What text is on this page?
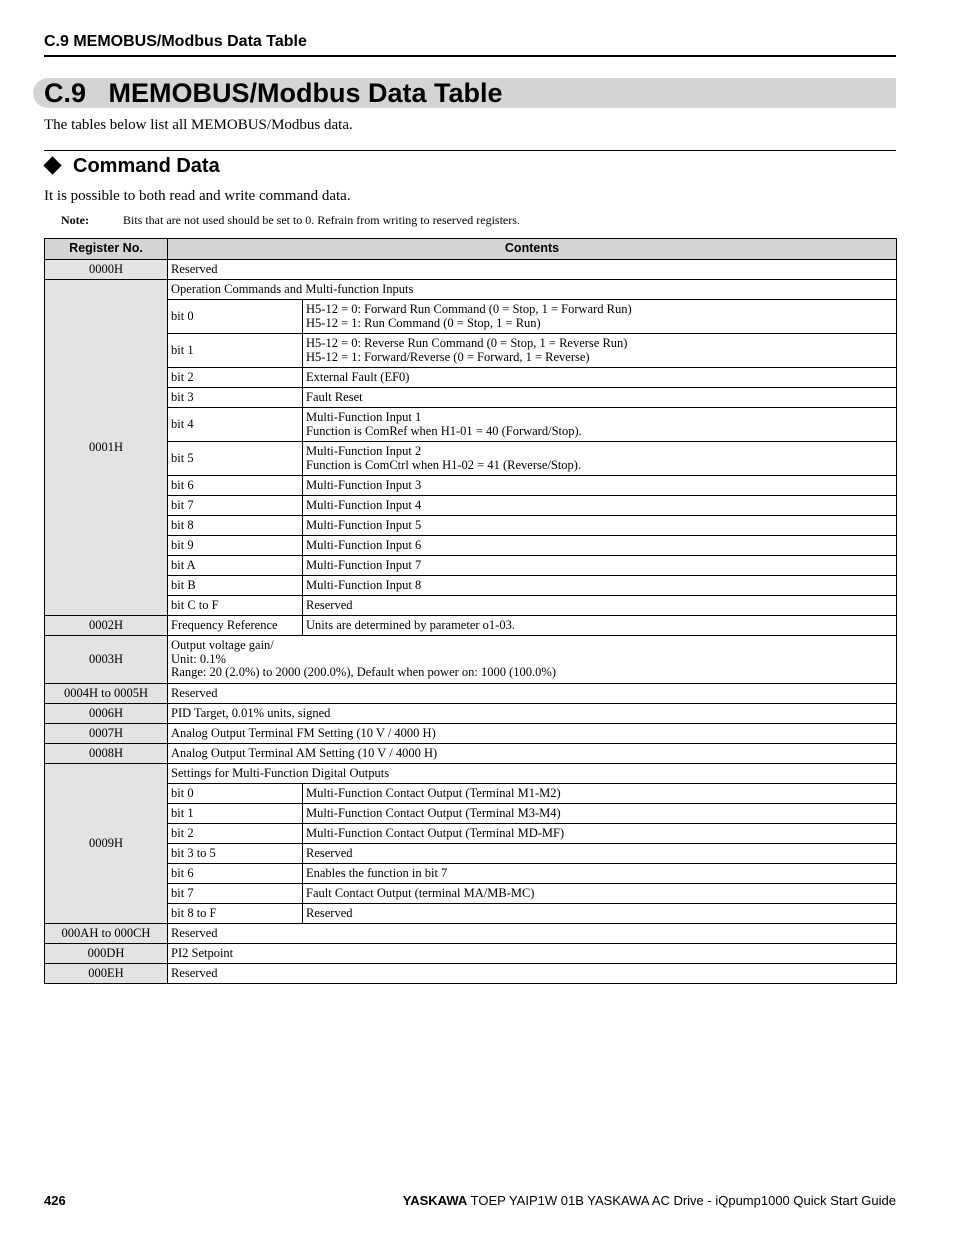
C.9 MEMOBUS/Modbus Data Table
C.9   MEMOBUS/Modbus Data Table
The tables below list all MEMOBUS/Modbus data.
Command Data
It is possible to both read and write command data.
Note:	Bits that are not used should be set to 0. Refrain from writing to reserved registers.
Register No.	Contents	
0000H	Reserved	
0001H	Operation Commands and Multi-function Inputs	
	bit 0	H5-12 = 0: Forward Run Command (0 = Stop, 1 = Forward Run)
H5-12 = 1: Run Command (0 = Stop, 1 = Run)
	bit 1	H5-12 = 0: Reverse Run Command (0 = Stop, 1 = Reverse Run)
H5-12 = 1: Forward/Reverse (0 = Forward, 1 = Reverse)
	bit 2	External Fault (EF0)
	bit 3	Fault Reset
	bit 4	Multi-Function Input 1
Function is ComRef when H1-01 = 40 (Forward/Stop).
	bit 5	Multi-Function Input 2
Function is ComCtrl when H1-02 = 41 (Reverse/Stop).
	bit 6	Multi-Function Input 3
	bit 7	Multi-Function Input 4
	bit 8	Multi-Function Input 5
	bit 9	Multi-Function Input 6
	bit A	Multi-Function Input 7
	bit B	Multi-Function Input 8
	bit C to F	Reserved
0002H	Frequency Reference	Units are determined by parameter o1-03.
0003H	Output voltage gain/
Unit: 0.1%
Range: 20 (2.0%) to 2000 (200.0%), Default when power on: 1000 (100.0%)	
0004H to 0005H	Reserved	
0006H	PID Target, 0.01% units, signed	
0007H	Analog Output Terminal FM Setting (10 V / 4000 H)	
0008H	Analog Output Terminal AM Setting (10 V / 4000 H)	
0009H	Settings for Multi-Function Digital Outputs	
	bit 0	Multi-Function Contact Output (Terminal M1-M2)
	bit 1	Multi-Function Contact Output (Terminal M3-M4)
	bit 2	Multi-Function Contact Output (Terminal MD-MF)
	bit 3 to 5	Reserved
	bit 6	Enables the function in bit 7
	bit 7	Fault Contact Output (terminal MA/MB-MC)
	bit 8 to F	Reserved
000AH to 000CH	Reserved	
000DH	PI2 Setpoint	
000EH	Reserved	
426	YASKAWA TOEP YAIP1W 01B YASKAWA AC Drive - iQpump1000 Quick Start Guide
